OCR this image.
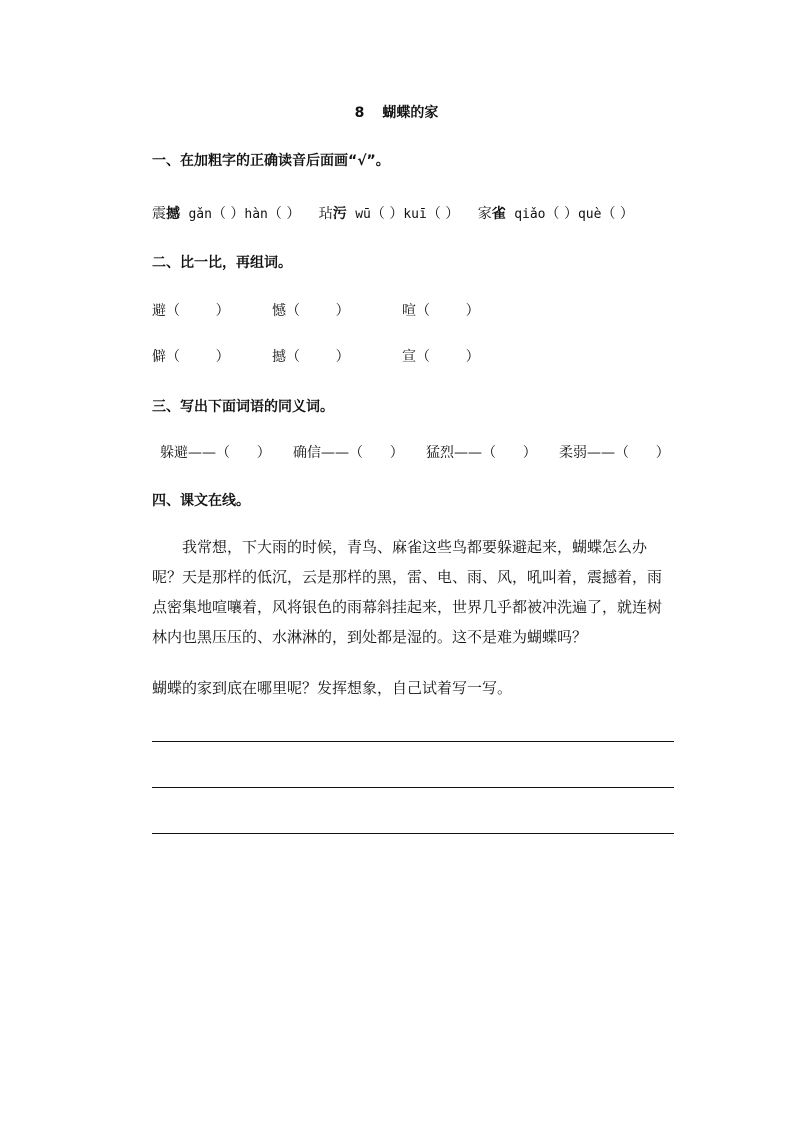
8 蝴蝶的家
一、在加粗字的正确读音后面画“√”。
震撼 gǎn（ ）hàn（ ） 玷污 wū（ ）kuī（ ） 家雀 qiǎo（ ）què（ ）
二、比一比，再组词。
避（        ）	憾（        ）	喧（        ）
僻（        ）	撼（        ）	宣（        ）
三、写出下面词语的同义词。
躲避——（      ） 确信——（      ） 猛烈——（      ） 柔弱——（      ）
四、课文在线。
我常想，下大雨的时候，青鸟、麻雀这些鸟都要躲避起来，蝴蝶怎么办呢？天是那样的低沉，云是那样的黑，雷、电、雨、风，吼叫着，震撼着，雨点密集地喧嚷着，风将银色的雨幕斜挂起来，世界几乎都被冲洗遍了，就连树林内也黑压压的、水淋淋的，到处都是湿的。这不是难为蝴蝶吗？
蝴蝶的家到底在哪里呢？发挥想象，自己试着写一写。
